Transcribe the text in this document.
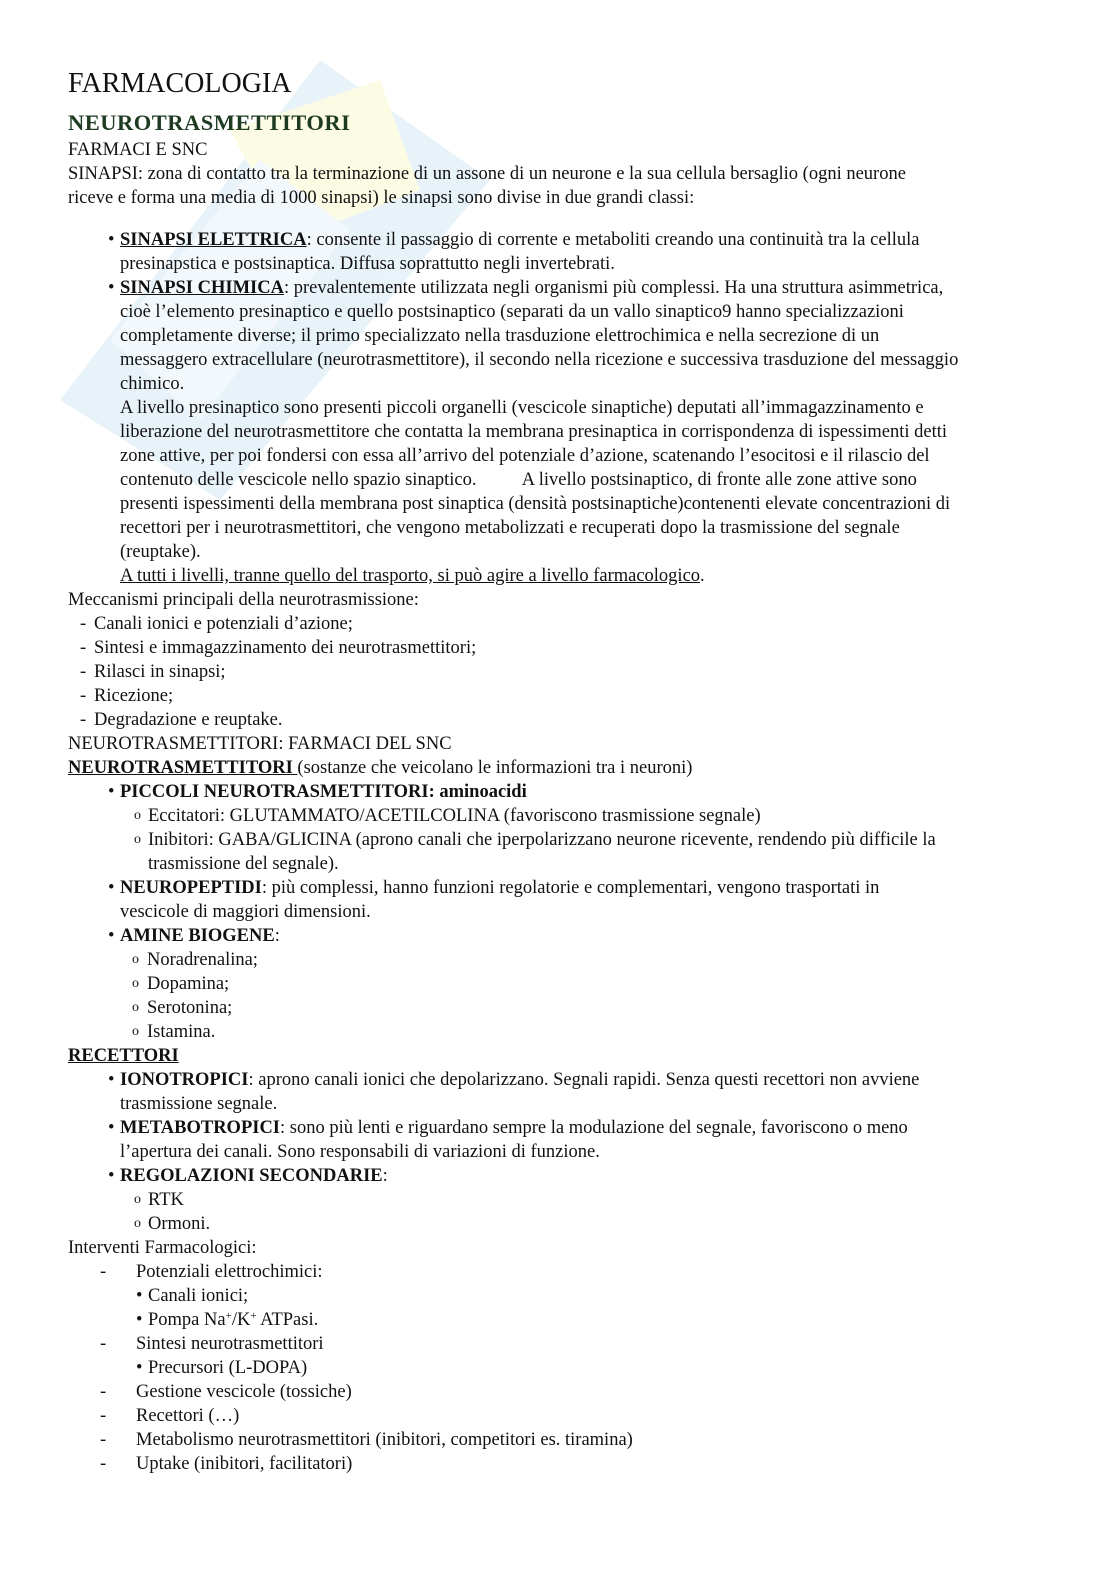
FARMACOLOGIA
NEUROTRASMETTITORI
FARMACI E SNC
SINAPSI: zona di contatto tra la terminazione di un assone di un neurone e la sua cellula bersaglio (ogni neurone
riceve e forma una media di 1000 sinapsi) le sinapsi sono divise in due grandi classi:
• SINAPSI ELETTRICA: consente il passaggio di corrente e metaboliti creando una continuità tra la cellula
presinapstica e postsinaptica. Diffusa soprattutto negli invertebrati.
• SINAPSI CHIMICA: prevalentemente utilizzata negli organismi più complessi. Ha una struttura asimmetrica,
cioè l’elemento presinaptico e quello postsinaptico (separati da un vallo sinaptico9 hanno specializzazioni
completamente diverse; il primo specializzato nella trasduzione elettrochimica e nella secrezione di un
messaggero extracellulare (neurotrasmettitore), il secondo nella ricezione e successiva trasduzione del messaggio
chimico.
A livello presinaptico sono presenti piccoli organelli (vescicole sinaptiche) deputati all’immagazzinamento e
liberazione del neurotrasmettitore che contatta la membrana presinaptica in corrispondenza di ispessimenti detti
zone attive, per poi fondersi con essa all’arrivo del potenziale d’azione, scatenando l’esocitosi e il rilascio del
contenuto delle vescicole nello spazio sinaptico.          A livello postsinaptico, di fronte alle zone attive sono
presenti ispessimenti della membrana post sinaptica (densità postsinaptiche)contenenti elevate concentrazioni di
recettori per i neurotrasmettitori, che vengono metabolizzati e recuperati dopo la trasmissione del segnale
(reuptake).
A tutti i livelli, tranne quello del trasporto, si può agire a livello farmacologico.
Meccanismi principali della neurotrasmissione:
- Canali ionici e potenziali d’azione;
- Sintesi e immagazzinamento dei neurotrasmettitori;
- Rilasci in sinapsi;
- Ricezione;
- Degradazione e reuptake.
NEUROTRASMETTITORI: FARMACI DEL SNC
NEUROTRASMETTITORI (sostanze che veicolano le informazioni tra i neuroni)
• PICCOLI NEUROTRASMETTITORI: aminoacidi
o Eccitatori: GLUTAMMATO/ACETILCOLINA (favoriscono trasmissione segnale)
o Inibitori: GABA/GLICINA (aprono canali che iperpolarizzano neurone ricevente, rendendo più difficile la
trasmissione del segnale).
• NEUROPEPTIDI: più complessi, hanno funzioni regolatorie e complementari, vengono trasportati in
vescicole di maggiori dimensioni.
• AMINE BIOGENE:
o Noradrenalina;
o Dopamina;
o Serotonina;
o Istamina.
RECETTORI
• IONOTROPICI: aprono canali ionici che depolarizzano. Segnali rapidi. Senza questi recettori non avviene
trasmissione segnale.
• METABOTROPICI: sono più lenti e riguardano sempre la modulazione del segnale, favoriscono o meno
l’apertura dei canali. Sono responsabili di variazioni di funzione.
• REGOLAZIONI SECONDARIE:
o RTK
o Ormoni.
Interventi Farmacologici:
-	Potenziali elettrochimici:
• Canali ionici;
• Pompa Na+/K+ ATPasi.
-	Sintesi neurotrasmettitori
• Precursori (L-DOPA)
-	Gestione vescicole (tossiche)
-	Recettori (…)
-	Metabolismo neurotrasmettitori (inibitori, competitori es. tiramina)
-	Uptake (inibitori, facilitatori)
